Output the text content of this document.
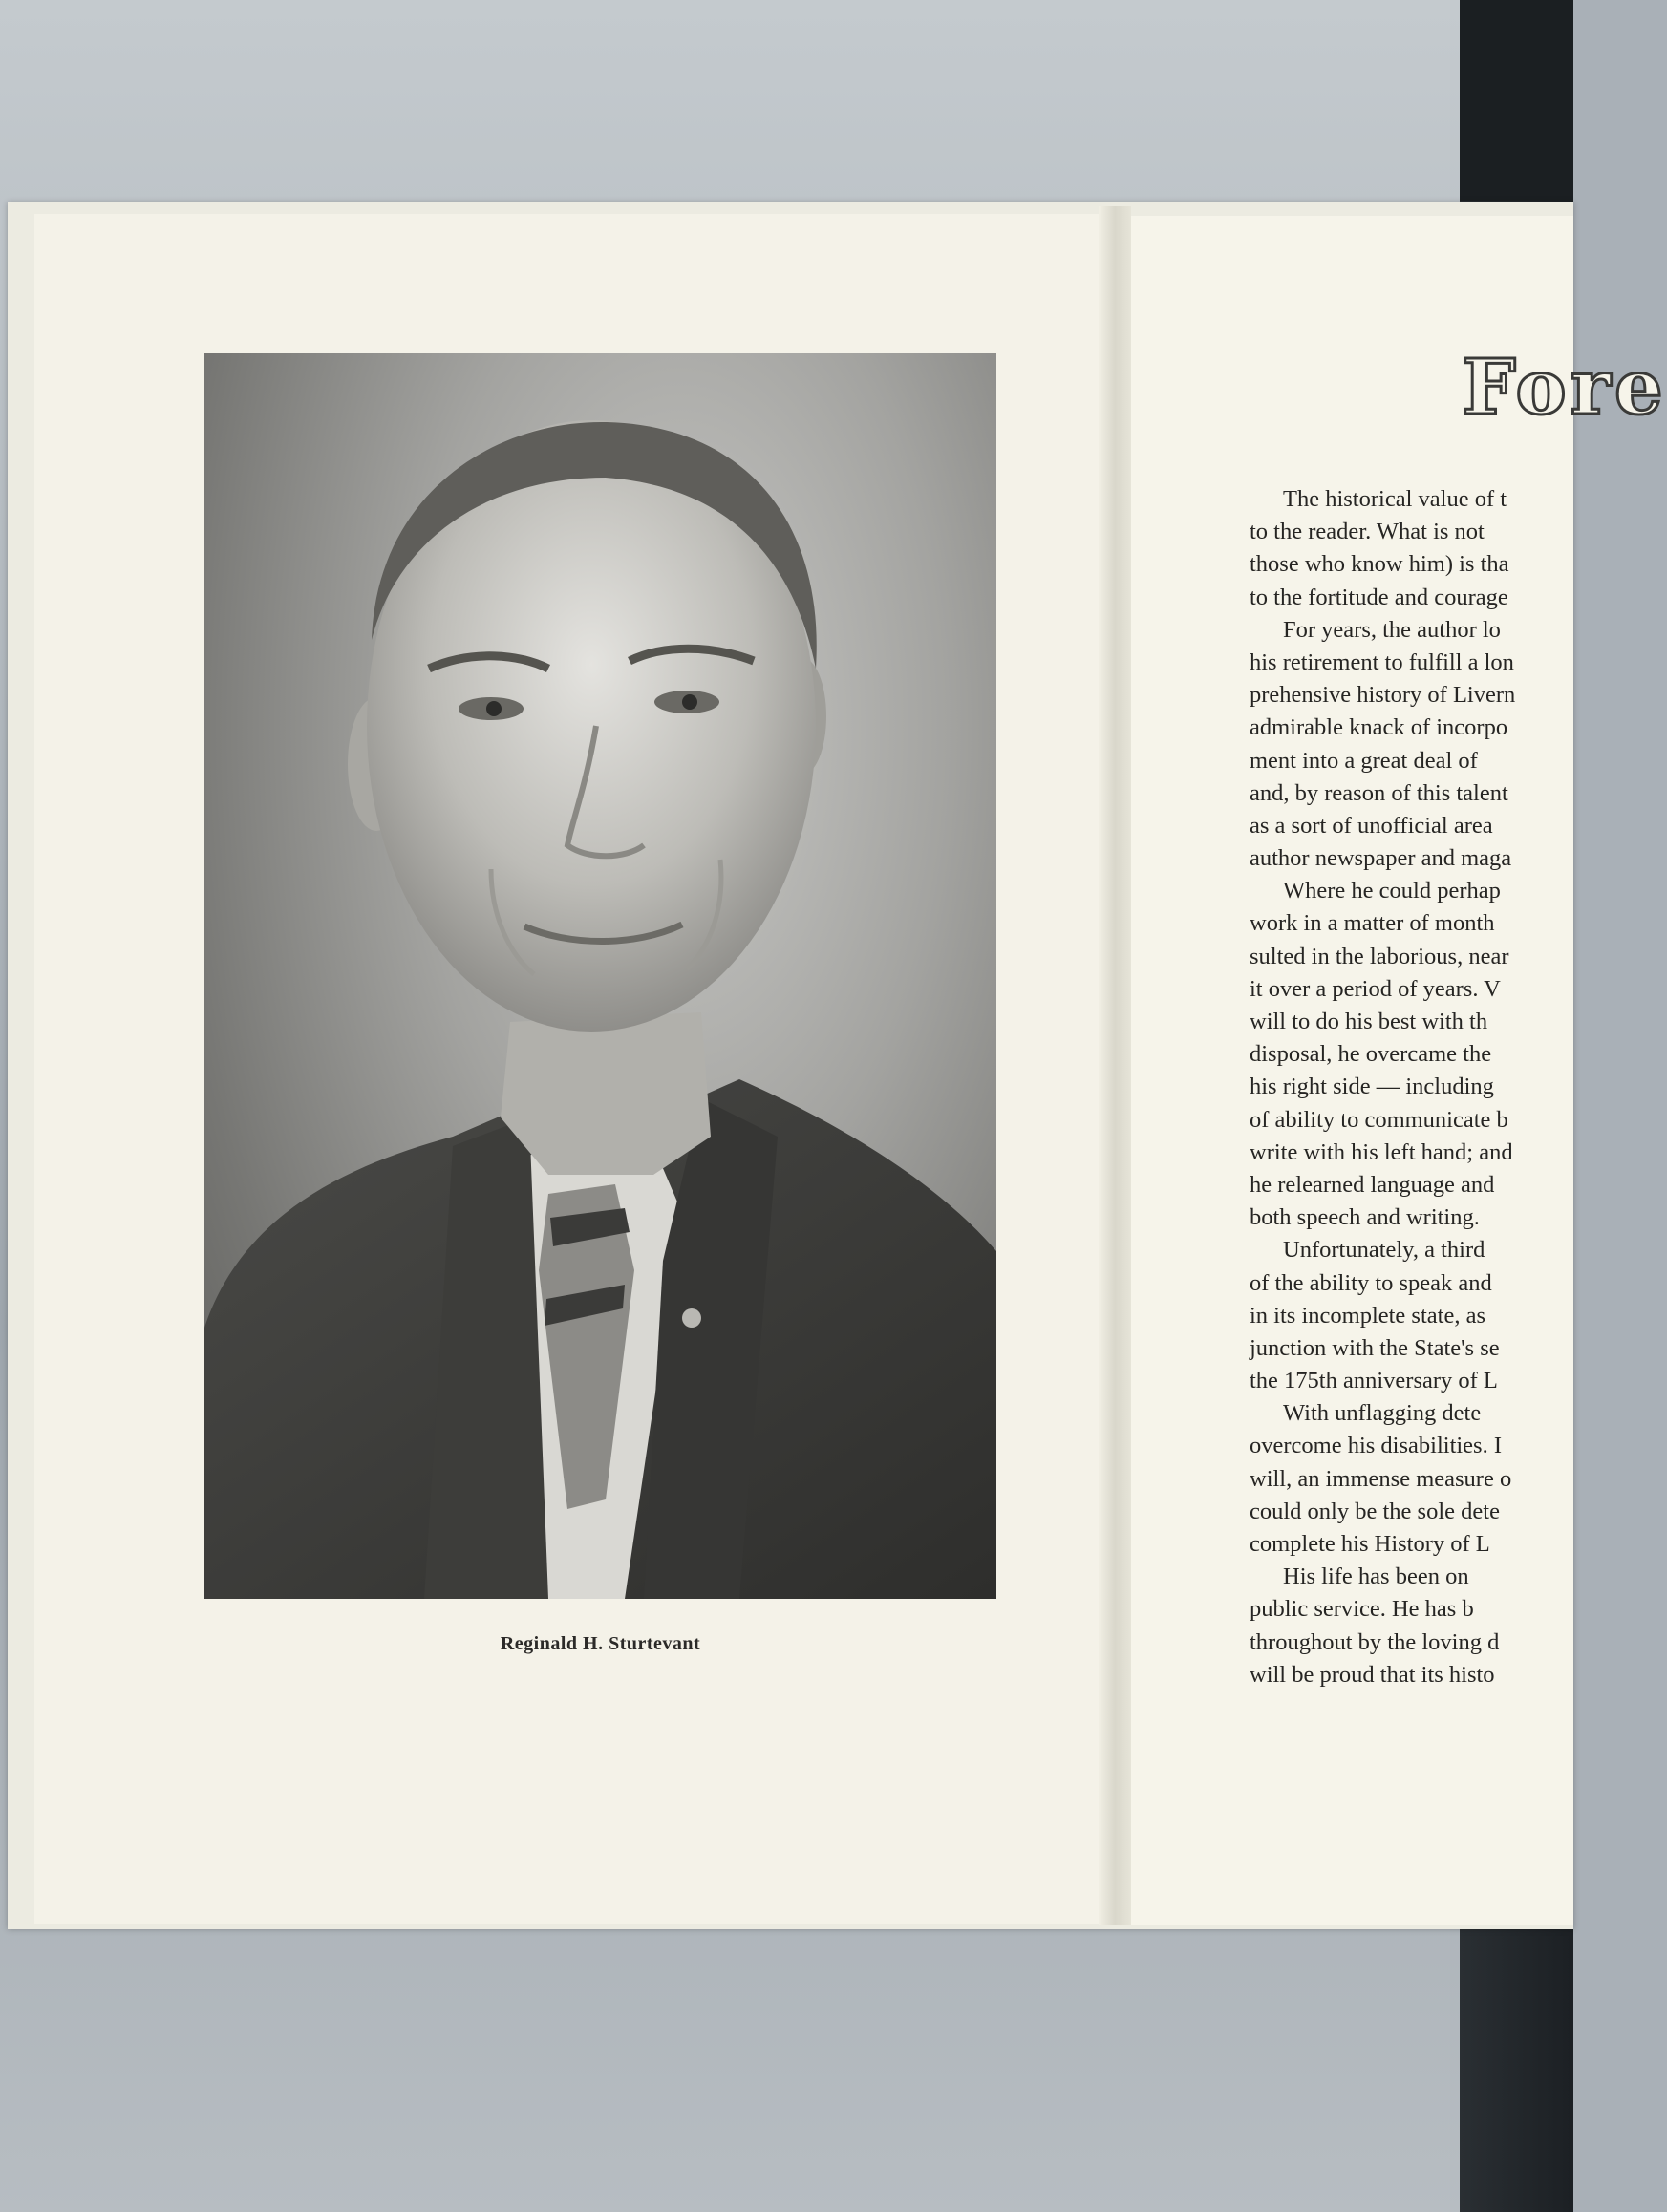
Reginald H. Sturtevant
Fore
The historical value of t
to the reader. What is not
those who know him) is tha
to the fortitude and courage
For years, the author lo
his retirement to fulfill a lon
prehensive history of Livern
admirable knack of incorpo
ment into a great deal of
and, by reason of this talent
as a sort of unofficial area
author newspaper and maga
Where he could perhap
work in a matter of month
sulted in the laborious, near
it over a period of years. V
will to do his best with th
disposal, he overcame the
his right side — including
of ability to communicate b
write with his left hand; and
he relearned language and
both speech and writing.
Unfortunately, a third
of the ability to speak and
in its incomplete state, as
junction with the State's se
the 175th anniversary of L
With unflagging dete
overcome his disabilities. I
will, an immense measure o
could only be the sole dete
complete his History of L
His life has been on
public service. He has b
throughout by the loving d
will be proud that its histo
